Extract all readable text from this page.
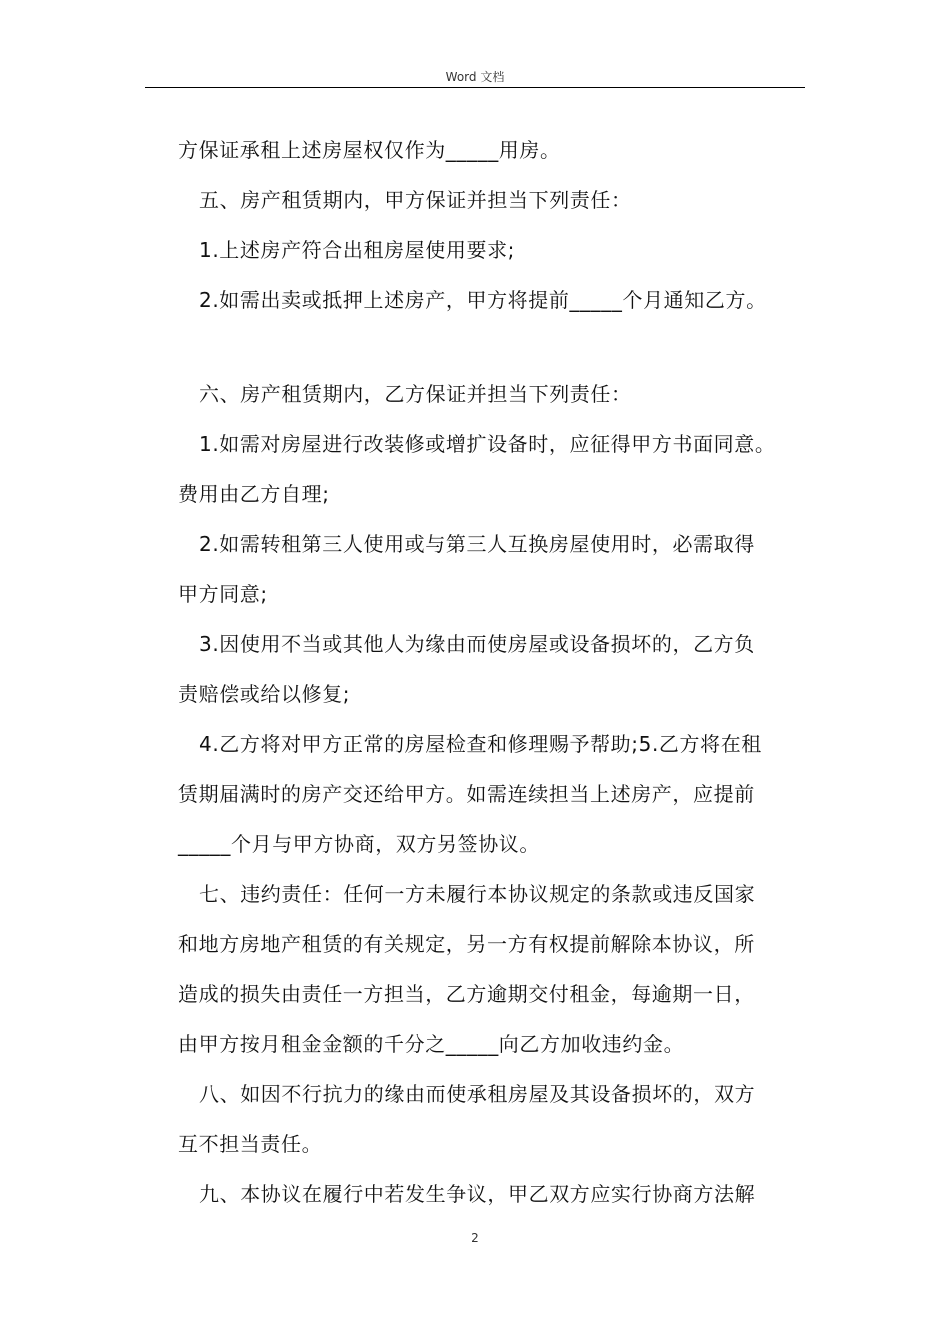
Word 文档
方保证承租上述房屋权仅作为_____用房。
五、房产租赁期内，甲方保证并担当下列责任：
1.上述房产符合出租房屋使用要求;
2.如需出卖或抵押上述房产，甲方将提前_____个月通知乙方。
六、房产租赁期内，乙方保证并担当下列责任：
1.如需对房屋进行改装修或增扩设备时，应征得甲方书面同意。
费用由乙方自理;
2.如需转租第三人使用或与第三人互换房屋使用时，必需取得
甲方同意;
3.因使用不当或其他人为缘由而使房屋或设备损坏的，乙方负
责赔偿或给以修复;
4.乙方将对甲方正常的房屋检查和修理赐予帮助;5.乙方将在租
赁期届满时的房产交还给甲方。如需连续担当上述房产，应提前
_____个月与甲方协商，双方另签协议。
七、违约责任：任何一方未履行本协议规定的条款或违反国家
和地方房地产租赁的有关规定，另一方有权提前解除本协议，所
造成的损失由责任一方担当，乙方逾期交付租金，每逾期一日，
由甲方按月租金金额的千分之_____向乙方加收违约金。
八、如因不行抗力的缘由而使承租房屋及其设备损坏的，双方
互不担当责任。
九、本协议在履行中若发生争议，甲乙双方应实行协商方法解
2
